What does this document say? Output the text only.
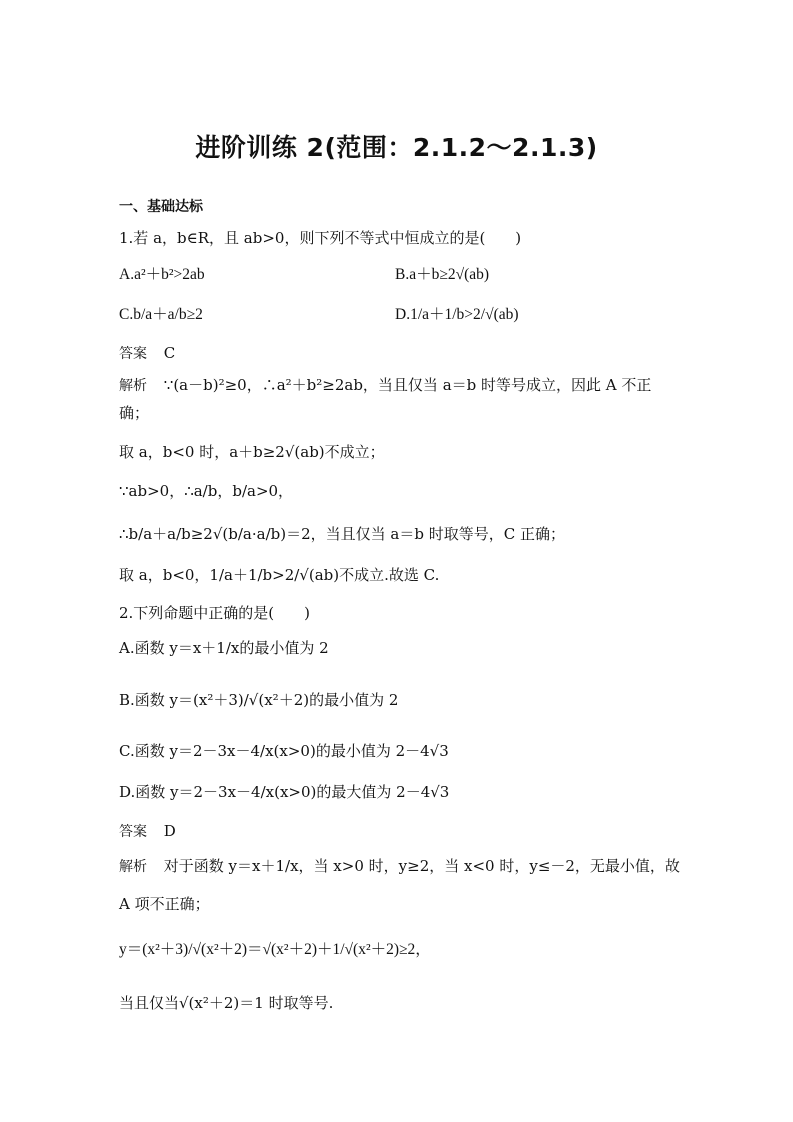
进阶训练 2(范围：2.1.2～2.1.3)
一、基础达标
1.若 a，b∈R，且 ab>0，则下列不等式中恒成立的是(　　)
A.a²＋b²>2ab	B.a＋b≥2√(ab)
C.b/a＋a/b≥2	D.1/a＋1/b>2/√(ab)
答案 C
解析 ∵(a－b)²≥0，∴a²＋b²≥2ab，当且仅当 a＝b 时等号成立，因此 A 不正
确；
取 a，b<0 时，a＋b≥2√(ab)不成立；
∵ab>0，∴a/b，b/a>0，
∴b/a＋a/b≥2√(b/a·a/b)＝2，当且仅当 a＝b 时取等号，C 正确；
取 a，b<0，1/a＋1/b>2/√(ab)不成立.故选 C.
2.下列命题中正确的是(　　)
A.函数 y＝x＋1/x的最小值为 2
B.函数 y＝(x²＋3)/√(x²＋2)的最小值为 2
C.函数 y＝2－3x－4/x(x>0)的最小值为 2－4√3
D.函数 y＝2－3x－4/x(x>0)的最大值为 2－4√3
答案 D
解析 对于函数 y＝x＋1/x，当 x>0 时，y≥2，当 x<0 时，y≤－2，无最小值，故
A 项不正确；
y＝(x²＋3)/√(x²＋2)＝√(x²＋2)＋1/√(x²＋2)≥2，
当且仅当√(x²＋2)＝1 时取等号.
